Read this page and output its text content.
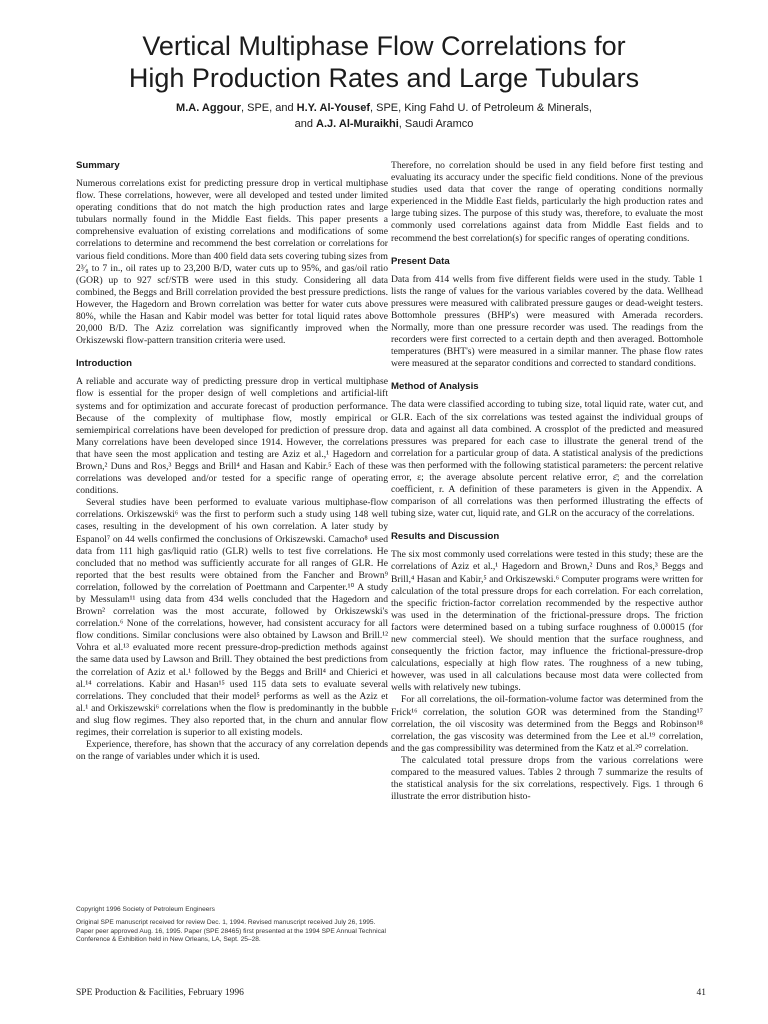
Vertical Multiphase Flow Correlations for
High Production Rates and Large Tubulars
M.A. Aggour, SPE, and H.Y. Al-Yousef, SPE, King Fahd U. of Petroleum & Minerals,
and A.J. Al-Muraikhi, Saudi Aramco
Summary

Numerous correlations exist for predicting pressure drop in vertical multiphase flow. These correlations, however, were all developed and tested under limited operating conditions that do not match the high production rates and large tubulars normally found in the Middle East fields. This paper presents a comprehensive evaluation of existing correlations and modifications of some correlations to determine and recommend the best correlation or correlations for various field conditions. More than 400 field data sets covering tubing sizes from 2³⁄₈ to 7 in., oil rates up to 23,200 B/D, water cuts up to 95%, and gas/oil ratio (GOR) up to 927 scf/STB were used in this study. Considering all data combined, the Beggs and Brill correlation provided the best pressure predictions. However, the Hagedorn and Brown correlation was better for water cuts above 80%, while the Hasan and Kabir model was better for total liquid rates above 20,000 B/D. The Aziz correlation was significantly improved when the Orkiszewski flow-pattern transition criteria were used.

Introduction

A reliable and accurate way of predicting pressure drop in vertical multiphase flow is essential for the proper design of well completions and artificial-lift systems and for optimization and accurate forecast of production performance. Because of the complexity of multiphase flow, mostly empirical or semiempirical correlations have been developed for prediction of pressure drop. Many correlations have been developed since 1914. However, the correlations that have seen the most application and testing are Aziz et al.,¹ Hagedorn and Brown,² Duns and Ros,³ Beggs and Brill⁴ and Hasan and Kabir.⁵ Each of these correlations was developed and/or tested for a specific range of operating conditions.

Several studies have been performed to evaluate various multiphase-flow correlations. Orkiszewski⁶ was the first to perform such a study using 148 well cases, resulting in the development of his own correlation. A later study by Espanol⁷ on 44 wells confirmed the conclusions of Orkiszewski. Camacho⁸ used data from 111 high gas/liquid ratio (GLR) wells to test five correlations. He concluded that no method was sufficiently accurate for all ranges of GLR. He reported that the best results were obtained from the Fancher and Brown⁹ correlation, followed by the correlation of Poettmann and Carpenter.¹⁰ A study by Messulam¹¹ using data from 434 wells concluded that the Hagedorn and Brown² correlation was the most accurate, followed by Orkiszewski's correlation.⁶ None of the correlations, however, had consistent accuracy for all flow conditions. Similar conclusions were also obtained by Lawson and Brill.¹² Vohra et al.¹³ evaluated more recent pressure-drop-prediction methods against the same data used by Lawson and Brill. They obtained the best predictions from the correlation of Aziz et al.¹ followed by the Beggs and Brill⁴ and Chierici et al.¹⁴ correlations. Kabir and Hasan¹⁵ used 115 data sets to evaluate several correlations. They concluded that their model⁵ performs as well as the Aziz et al.¹ and Orkiszewski⁶ correlations when the flow is predominantly in the bubble and slug flow regimes. They also reported that, in the churn and annular flow regimes, their correlation is superior to all existing models.

Experience, therefore, has shown that the accuracy of any correlation depends on the range of variables under which it is used.

Copyright 1996 Society of Petroleum Engineers

Original SPE manuscript received for review Dec. 1, 1994. Revised manuscript received July 26, 1995. Paper peer approved Aug. 16, 1995. Paper (SPE 28465) first presented at the 1994 SPE Annual Technical Conference & Exhibition held in New Orleans, LA, Sept. 25–28.

Therefore, no correlation should be used in any field before first testing and evaluating its accuracy under the specific field conditions. None of the previous studies used data that cover the range of operating conditions normally experienced in the Middle East fields, particularly the high production rates and large tubing sizes. The purpose of this study was, therefore, to evaluate the most commonly used correlations against data from Middle East fields and to recommend the best correlation(s) for specific ranges of operating conditions.

Present Data

Data from 414 wells from five different fields were used in the study. Table 1 lists the range of values for the various variables covered by the data. Wellhead pressures were measured with calibrated pressure gauges or dead-weight testers. Bottomhole pressures (BHP's) were measured with Amerada recorders. Normally, more than one pressure recorder was used. The readings from the recorders were first corrected to a certain depth and then averaged. Bottomhole temperatures (BHT's) were measured in a similar manner. The phase flow rates were measured at the separator conditions and corrected to standard conditions.

Method of Analysis

The data were classified according to tubing size, total liquid rate, water cut, and GLR. Each of the six correlations was tested against the individual groups of data and against all data combined. A crossplot of the predicted and measured pressures was prepared for each case to illustrate the general trend of the correlation for a particular group of data. A statistical analysis of the predictions was then performed with the following statistical parameters: the percent relative error, ε; the average absolute percent relative error, ε̄; and the correlation coefficient, r. A definition of these parameters is given in the Appendix. A comparison of all correlations was then performed illustrating the effects of tubing size, water cut, liquid rate, and GLR on the accuracy of the correlations.

Results and Discussion

The six most commonly used correlations were tested in this study; these are the correlations of Aziz et al.,¹ Hagedorn and Brown,² Duns and Ros,³ Beggs and Brill,⁴ Hasan and Kabir,⁵ and Orkiszewski.⁶ Computer programs were written for calculation of the total pressure drops for each correlation. For each correlation, the specific friction-factor correlation recommended by the respective author was used in the determination of the frictional-pressure drops. The friction factors were determined based on a tubing surface roughness of 0.00015 (for new commercial steel). We should mention that the surface roughness, and consequently the friction factor, may influence the frictional-pressure-drop calculations, especially at high flow rates. The roughness of a new tubing, however, was used in all calculations because most data were collected from wells with relatively new tubings.

For all correlations, the oil-formation-volume factor was determined from the Frick¹⁶ correlation, the solution GOR was determined from the Standing¹⁷ correlation, the oil viscosity was determined from the Beggs and Robinson¹⁸ correlation, the gas viscosity was determined from the Lee et al.¹⁹ correlation, and the gas compressibility was determined from the Katz et al.²⁰ correlation.

The calculated total pressure drops from the various correlations were compared to the measured values. Tables 2 through 7 summarize the results of the statistical analysis for the six correlations, respectively. Figs. 1 through 6 illustrate the error distribution histo-

SPE Production & Facilities, February 1996	41
